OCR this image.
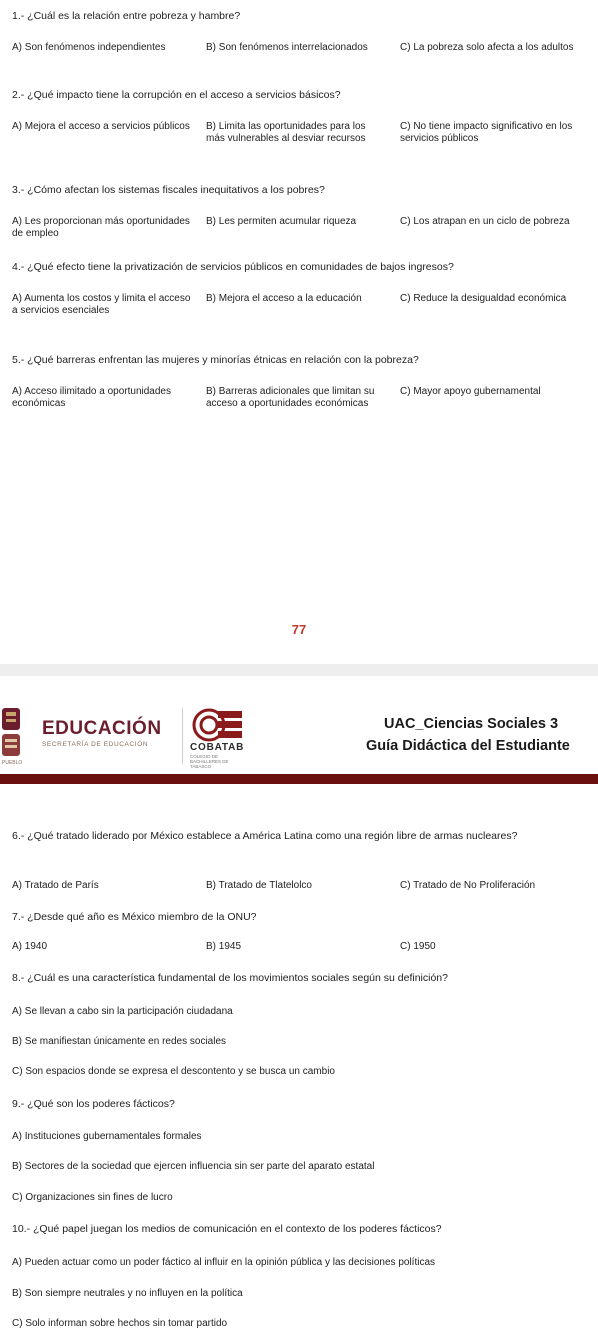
1.- ¿Cuál es la relación entre pobreza y hambre?
A) Son fenómenos independientes	B) Son fenómenos interrelacionados	C) La pobreza solo afecta a los adultos
2.- ¿Qué impacto tiene la corrupción en el acceso a servicios básicos?
A) Mejora el acceso a servicios públicos B) Limita las oportunidades para los más vulnerables al desviar recursos
C) No tiene impacto significativo en los servicios públicos
3.- ¿Cómo afectan los sistemas fiscales inequitativos a los pobres?
A) Les proporcionan más oportunidades de empleo
B) Les permiten acumular riqueza	C) Los atrapan en un ciclo de pobreza
4.- ¿Qué efecto tiene la privatización de servicios públicos en comunidades de bajos ingresos?
A) Aumenta los costos y limita el acceso a servicios esenciales
B) Mejora el acceso a la educación	C) Reduce la desigualdad económica
5.- ¿Qué barreras enfrentan las mujeres y minorías étnicas en relación con la pobreza?
A) Acceso ilimitado a oportunidades económicas
B) Barreras adicionales que limitan su acceso a oportunidades económicas
C) Mayor apoyo gubernamental
77
EDUCACIÓN
SECRETARÍA DE EDUCACIÓN
PUEBLO
COBATAB
COLEGIO DE BACHILLERES DE TABASCO
UAC_Ciencias Sociales 3
Guía Didáctica del Estudiante
6.- ¿Qué tratado liderado por México establece a América Latina como una región libre de armas nucleares?
A) Tratado de París	B) Tratado de Tlatelolco	C) Tratado de No Proliferación
7.- ¿Desde qué año es México miembro de la ONU?
A) 1940	B) 1945	C) 1950
8.- ¿Cuál es una característica fundamental de los movimientos sociales según su definición?
A) Se llevan a cabo sin la participación ciudadana
B) Se manifiestan únicamente en redes sociales
C) Son espacios donde se expresa el descontento y se busca un cambio
9.- ¿Qué son los poderes fácticos?
A) Instituciones gubernamentales formales
B) Sectores de la sociedad que ejercen influencia sin ser parte del aparato estatal
C) Organizaciones sin fines de lucro
10.- ¿Qué papel juegan los medios de comunicación en el contexto de los poderes fácticos?
A) Pueden actuar como un poder fáctico al influir en la opinión pública y las decisiones políticas
B) Son siempre neutrales y no influyen en la política
C) Solo informan sobre hechos sin tomar partido
